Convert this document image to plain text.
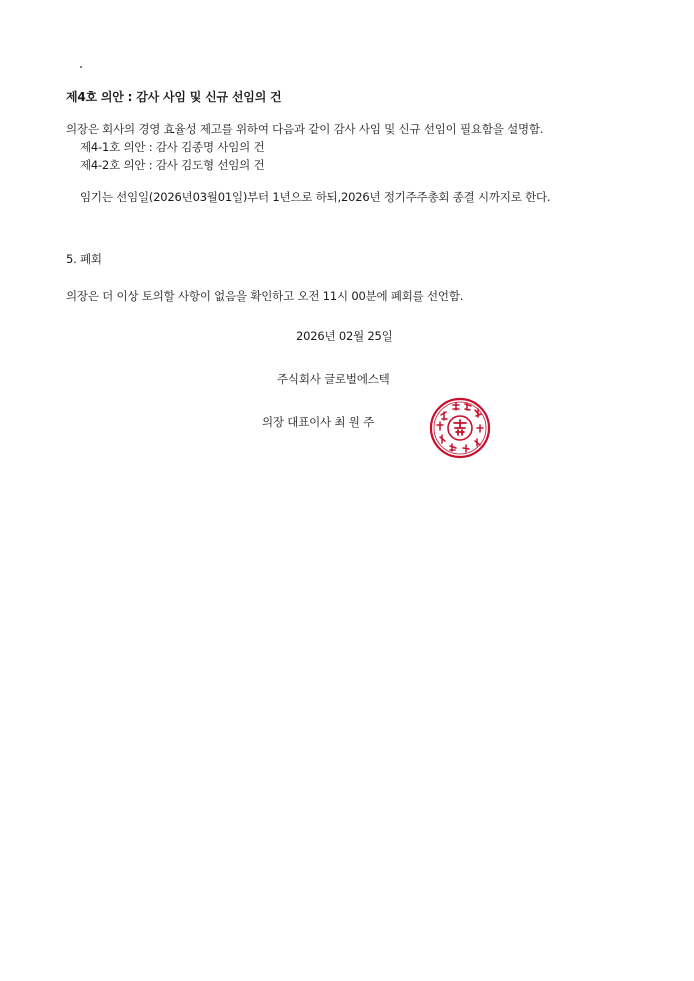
제4호 의안 : 감사 사임 및 신규 선임의 건
의장은 회사의 경영 효율성 제고를 위하여 다음과 같이 감사 사임 및 신규 선임이 필요함을 설명함.
제4-1호 의안 : 감사 김종명 사임의 건
제4-2호 의안 : 감사 김도형 선임의 건
임기는 선임일(2026년03월01일)부터 1년으로 하되,2026년 정기주주총회 종결 시까지로 한다.
5. 폐회
의장은 더 이상 토의할 사항이 없음을 확인하고 오전 11시 00분에 폐회를 선언함.
2026년 02월 25일
주식회사 글로벌에스텍
의장 대표이사 최 원 주
